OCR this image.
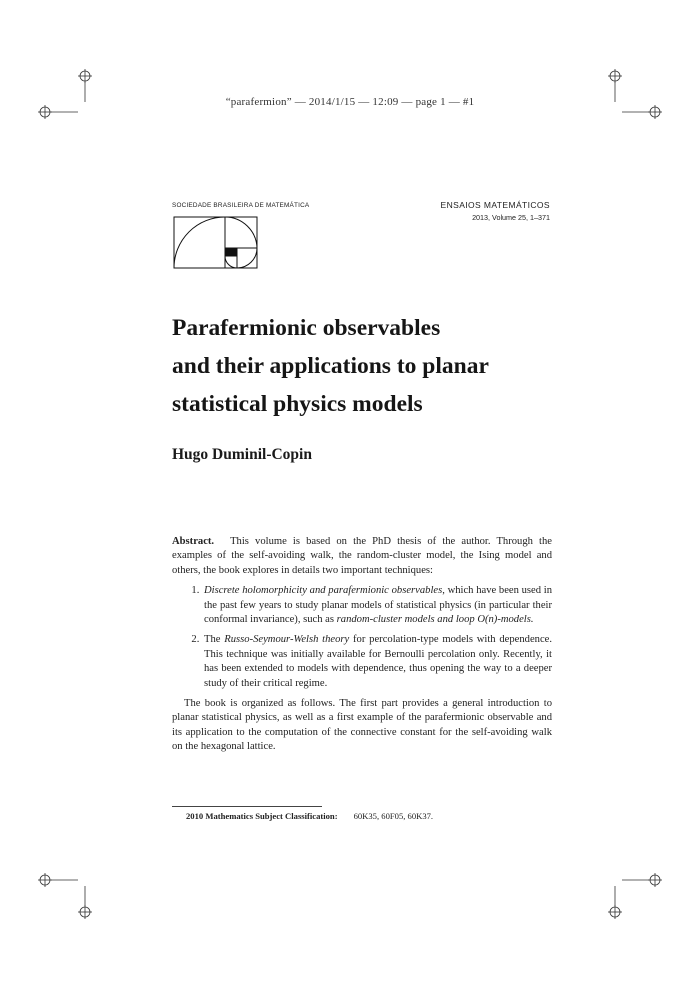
“parafermion” — 2014/1/15 — 12:09 — page 1 — #1
SOCIEDADE BRASILEIRA DE MATEMÁTICA	ENSAIOS MATEMÁTICOS
2013, Volume 25, 1–371
Parafermionic observables
and their applications to planar
statistical physics models
Hugo Duminil-Copin

Abstract. This volume is based on the PhD thesis of the author. Through the examples of the self-avoiding walk, the random-cluster model, the Ising model and others, the book explores in details two important techniques:

1. Discrete holomorphicity and parafermionic observables, which have been used in the past few years to study planar models of statistical physics (in particular their conformal invariance), such as random-cluster models and loop O(n)-models.
2. The Russo-Seymour-Welsh theory for percolation-type models with dependence. This technique was initially available for Bernoulli percolation only. Recently, it has been extended to models with dependence, thus opening the way to a deeper study of their critical regime.

The book is organized as follows. The first part provides a general introduction to planar statistical physics, as well as a first example of the parafermionic observable and its application to the computation of the connective constant for the self-avoiding walk on the hexagonal lattice.

2010 Mathematics Subject Classification: 60K35, 60F05, 60K37.
